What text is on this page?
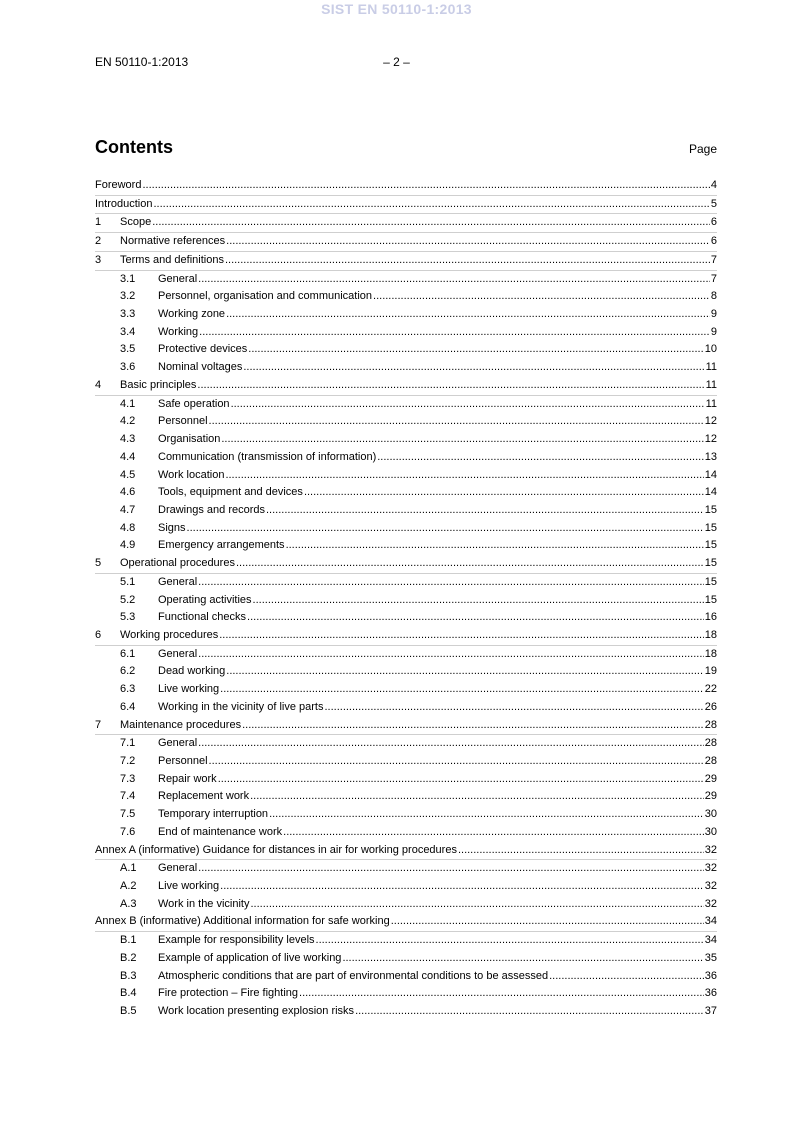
SIST EN 50110-1:2013
EN 50110-1:2013	– 2 –
Contents	Page
Foreword .....	4
Introduction .....	5
1	Scope .....	6
2	Normative references .....	6
3	Terms and definitions .....	7
3.1	General .....	7
3.2	Personnel, organisation and communication .....	8
3.3	Working zone .....	9
3.4	Working .....	9
3.5	Protective devices .....	10
3.6	Nominal voltages .....	11
4	Basic principles .....	11
4.1	Safe operation .....	11
4.2	Personnel .....	12
4.3	Organisation .....	12
4.4	Communication (transmission of information) .....	13
4.5	Work location .....	14
4.6	Tools, equipment and devices .....	14
4.7	Drawings and records .....	15
4.8	Signs .....	15
4.9	Emergency arrangements .....	15
5	Operational procedures .....	15
5.1	General .....	15
5.2	Operating activities .....	15
5.3	Functional checks .....	16
6	Working procedures .....	18
6.1	General .....	18
6.2	Dead working .....	19
6.3	Live working .....	22
6.4	Working in the vicinity of live parts .....	26
7	Maintenance procedures .....	28
7.1	General .....	28
7.2	Personnel .....	28
7.3	Repair work .....	29
7.4	Replacement work .....	29
7.5	Temporary interruption .....	30
7.6	End of maintenance work .....	30
Annex A (informative) Guidance for distances in air for working procedures .....	32
A.1	General .....	32
A.2	Live working .....	32
A.3	Work in the vicinity .....	32
Annex B (informative) Additional information for safe working .....	34
B.1	Example for responsibility levels .....	34
B.2	Example of application of live working .....	35
B.3	Atmospheric conditions that are part of environmental conditions to be assessed .....	36
B.4	Fire protection – Fire fighting .....	36
B.5	Work location presenting explosion risks .....	37
